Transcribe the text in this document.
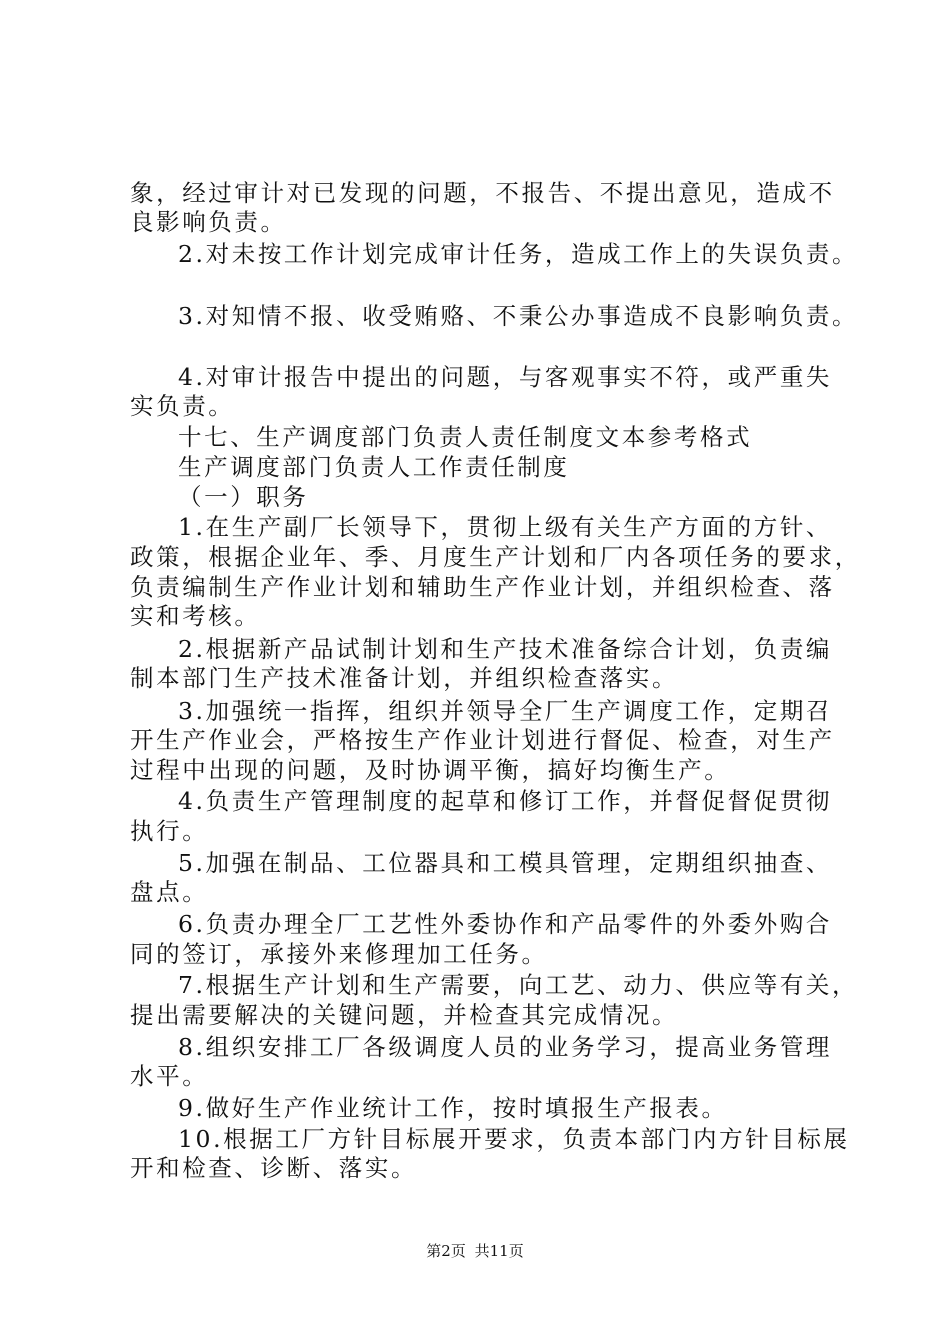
象，经过审计对已发现的问题，不报告、不提出意见，造成不
良影响负责。
2.对未按工作计划完成审计任务，造成工作上的失误负责。
3.对知情不报、收受贿赂、不秉公办事造成不良影响负责。
4.对审计报告中提出的问题，与客观事实不符，或严重失
实负责。
十七、生产调度部门负责人责任制度文本参考格式
生产调度部门负责人工作责任制度
（一）职务
1.在生产副厂长领导下，贯彻上级有关生产方面的方针、
政策，根据企业年、季、月度生产计划和厂内各项任务的要求，
负责编制生产作业计划和辅助生产作业计划，并组织检查、落
实和考核。
2.根据新产品试制计划和生产技术准备综合计划，负责编
制本部门生产技术准备计划，并组织检查落实。
3.加强统一指挥，组织并领导全厂生产调度工作，定期召
开生产作业会，严格按生产作业计划进行督促、检查，对生产
过程中出现的问题，及时协调平衡，搞好均衡生产。
4.负责生产管理制度的起草和修订工作，并督促督促贯彻
执行。
5.加强在制品、工位器具和工模具管理，定期组织抽查、
盘点。
6.负责办理全厂工艺性外委协作和产品零件的外委外购合
同的签订，承接外来修理加工任务。
7.根据生产计划和生产需要，向工艺、动力、供应等有关，
提出需要解决的关键问题，并检查其完成情况。
8.组织安排工厂各级调度人员的业务学习，提高业务管理
水平。
9.做好生产作业统计工作，按时填报生产报表。
10.根据工厂方针目标展开要求，负责本部门内方针目标展
开和检查、诊断、落实。
第2页 共11页
